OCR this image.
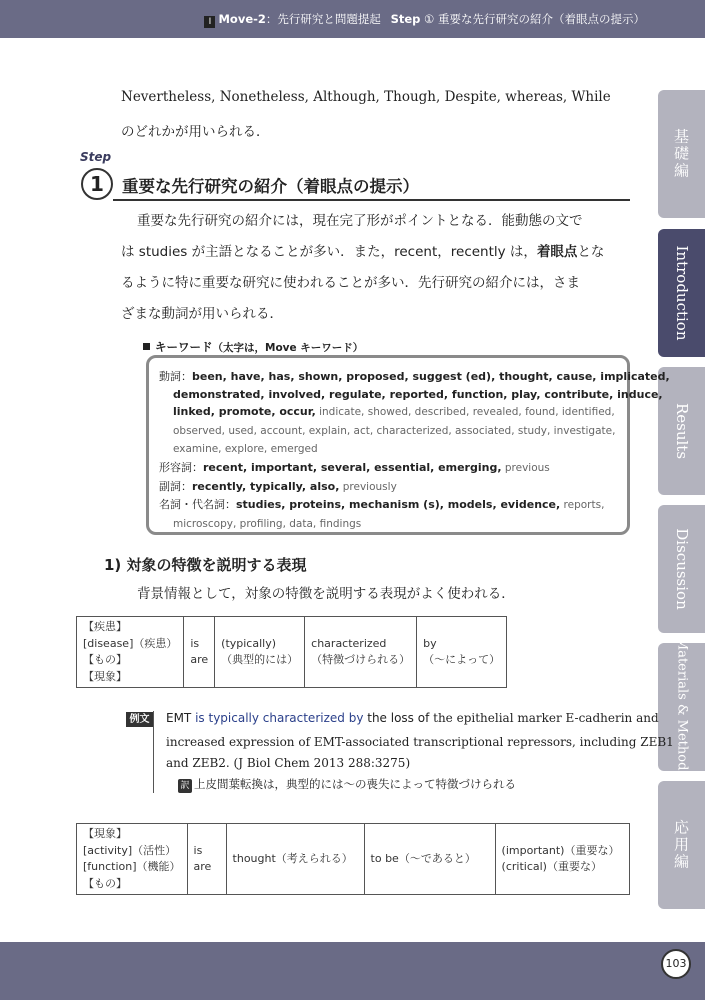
I Move-2：先行研究と問題提起 Step ① 重要な先行研究の紹介（着眼点の提示）
基礎編
Introduction
Results
Discussion
Materials & Methods
応用編
Nevertheless, Nonetheless, Although, Though, Despite, whereas, While
のどれかが用いられる．
Step
1	重要な先行研究の紹介（着眼点の提示）
重要な先行研究の紹介には，現在完了形がポイントとなる．能動態の文で
は studies が主語となることが多い．また，recent，recently は，着眼点とな
るように特に重要な研究に使われることが多い．先行研究の紹介には，さま
ざまな動詞が用いられる．
キーワード（太字は，Move キーワード）
動詞：been, have, has, shown, proposed, suggest (ed), thought, cause, implicated,
demonstrated, involved, regulate, reported, function, play, contribute, induce,
linked, promote, occur, indicate, showed, described, revealed, found, identified,
observed, used, account, explain, act, characterized, associated, study, investigate,
examine, explore, emerged
形容詞：recent, important, several, essential, emerging, previous
副詞：recently, typically, also, previously
名詞・代名詞：studies, proteins, mechanism (s), models, evidence, reports,
microscopy, profiling, data, findings
1) 対象の特徴を説明する表現
背景情報として，対象の特徴を説明する表現がよく使われる．
【疾患】
[disease]（疾患）
【もの】
【現象】

is
are

(typically)
（典型的には）

characterized
（特徴づけられる）

by
（～によって）
例文 EMT is typically characterized by the loss of the epithelial marker E-cadherin and
increased expression of EMT-associated transcriptional repressors, including ZEB1
and ZEB2. (J Biol Chem 2013 288:3275)
訳 上皮間葉転換は，典型的には～の喪失によって特徴づけられる
【現象】
[activity]（活性）
[function]（機能）
【もの】

is
are

thought（考えられる）	to be（～であると）

(important)（重要な）
(critical)（重要な）
103
